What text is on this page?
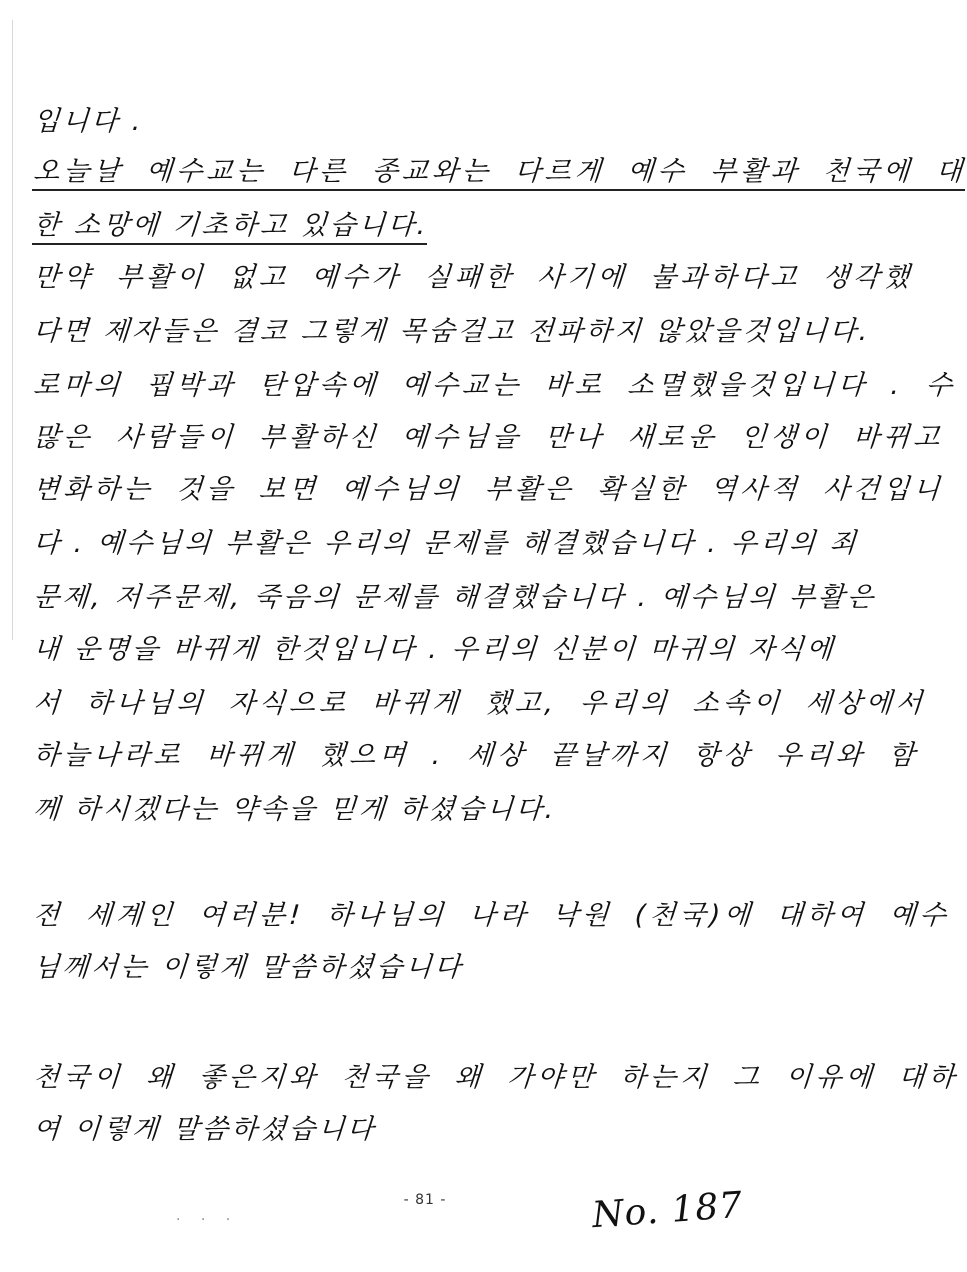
입니다 .
오늘날 예수교는 다른 종교와는 다르게 예수 부활과 천국에 대
한 소망에 기초하고 있습니다.
만약 부활이 없고 예수가 실패한 사기에 불과하다고 생각했
다면 제자들은 결코 그렇게 목숨걸고 전파하지 않았을것입니다.
로마의 핍박과 탄압속에 예수교는 바로 소멸했을것입니다 . 수
많은 사람들이 부활하신 예수님을 만나 새로운 인생이 바뀌고
변화하는 것을 보면 예수님의 부활은 확실한 역사적 사건입니
다 . 예수님의 부활은 우리의 문제를 해결했습니다 . 우리의 죄
문제, 저주문제, 죽음의 문제를 해결했습니다 . 예수님의 부활은
내 운명을 바뀌게 한것입니다 . 우리의 신분이 마귀의 자식에
서 하나님의 자식으로 바뀌게 했고, 우리의 소속이 세상에서
하늘나라로 바뀌게 했으며 . 세상 끝날까지 항상 우리와 함
께 하시겠다는 약속을 믿게 하셨습니다.
전 세계인 여러분! 하나님의 나라 낙원 (천국)에 대하여 예수
님께서는 이렇게 말씀하셨습니다
천국이 왜 좋은지와 천국을 왜 가야만 하는지 그 이유에 대하
여 이렇게 말씀하셨습니다
- 81 -
. . .	No. 187
